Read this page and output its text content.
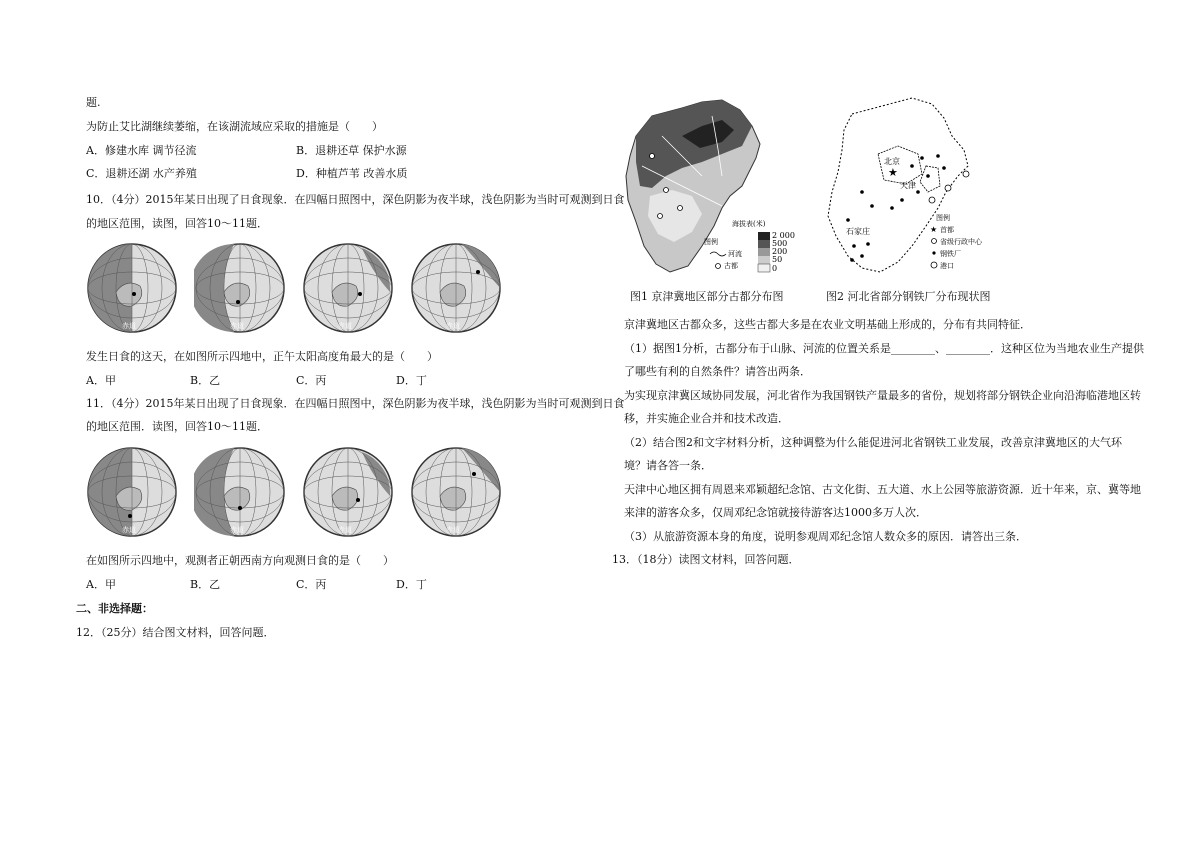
题.
为防止艾比湖继续萎缩，在该湖流域应采取的措施是（　　）
A．修建水库 调节径流	B．退耕还草 保护水源
C．退耕还湖 水产养殖	D．种植芦苇 改善水质
10．（4分）2015年某日出现了日食现象．在四幅日照图中，深色阴影为夜半球，浅色阴影为当时可观测到日食
的地区范围，读图，回答10～11题．
赤道	赤道	赤道	赤道
发生日食的这天，在如图所示四地中，正午太阳高度角最大的是（　　）
A．甲	B．乙	C．丙	D．丁
11．（4分）2015年某日出现了日食现象．在四幅日照图中，深色阴影为夜半球，浅色阴影为当时可观测到日食
的地区范围．读图，回答10～11题．
赤道	赤道	赤道	赤道
在如图所示四地中，观测者正朝西南方向观测日食的是（　　）
A．甲	B．乙	C．丙	D．丁
二、非选择题：
12．（25分）结合图文材料，回答问题．
海拔表(米)
图例
2 000
500
200
50
0
河流
古都
北京
★
天津
石家庄
图例
★ 首都
省级行政中心
钢铁厂
港口
图1 京津冀地区部分古都分布图	图2 河北省部分钢铁厂分布现状图
京津冀地区古都众多，这些古都大多是在农业文明基础上形成的，分布有共同特征．
（1）据图1分析，古都分布于山脉、河流的位置关系是________、________．这种区位为当地农业生产提供
了哪些有利的自然条件？请答出两条．
为实现京津冀区域协同发展，河北省作为我国钢铁产量最多的省份，规划将部分钢铁企业向沿海临港地区转
移，并实施企业合并和技术改造．
（2）结合图2和文字材料分析，这种调整为什么能促进河北省钢铁工业发展，改善京津冀地区的大气环
境？请各答一条．
天津中心地区拥有周恩来邓颖超纪念馆、古文化街、五大道、水上公园等旅游资源．近十年来，京、冀等地
来津的游客众多，仅周邓纪念馆就接待游客达1000多万人次．
（3）从旅游资源本身的角度，说明参观周邓纪念馆人数众多的原因．请答出三条．
13．（18分）读图文材料，回答问题．
